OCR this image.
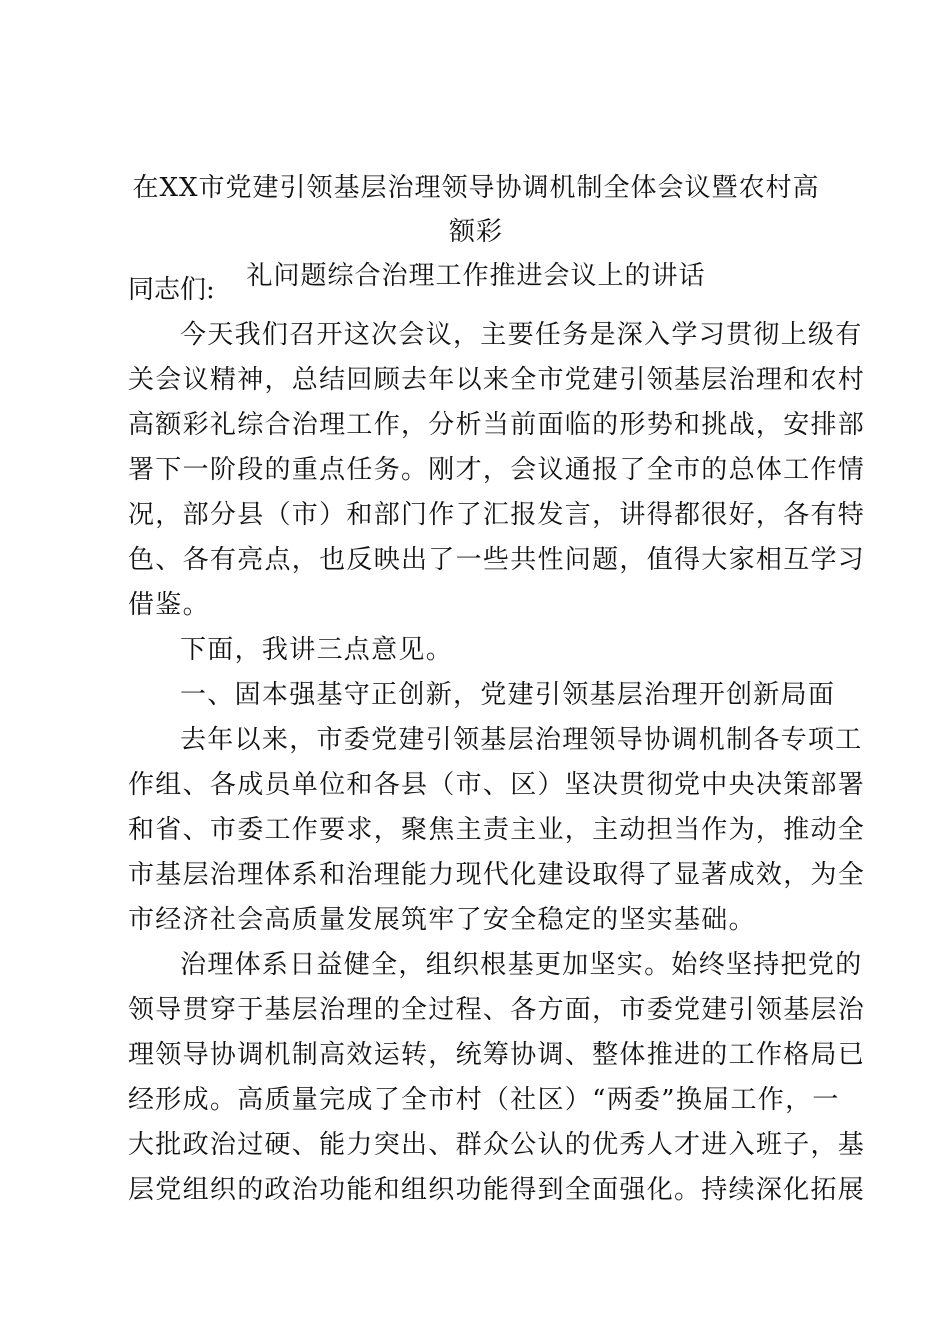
在XX市党建引领基层治理领导协调机制全体会议暨农村高额彩
礼问题综合治理工作推进会议上的讲话
同志们:
今天我们召开这次会议，主要任务是深入学习贯彻上级有
关会议精神，总结回顾去年以来全市党建引领基层治理和农村
高额彩礼综合治理工作，分析当前面临的形势和挑战，安排部
署下一阶段的重点任务。刚才，会议通报了全市的总体工作情
况，部分县（市）和部门作了汇报发言，讲得都很好，各有特
色、各有亮点，也反映出了一些共性问题，值得大家相互学习
借鉴。
下面，我讲三点意见。
一、固本强基守正创新，党建引领基层治理开创新局面
去年以来，市委党建引领基层治理领导协调机制各专项工
作组、各成员单位和各县（市、区）坚决贯彻党中央决策部署
和省、市委工作要求，聚焦主责主业，主动担当作为，推动全
市基层治理体系和治理能力现代化建设取得了显著成效，为全
市经济社会高质量发展筑牢了安全稳定的坚实基础。
治理体系日益健全，组织根基更加坚实。始终坚持把党的
领导贯穿于基层治理的全过程、各方面，市委党建引领基层治
理领导协调机制高效运转，统筹协调、整体推进的工作格局已
经形成。高质量完成了全市村（社区）“两委”换届工作，一
大批政治过硬、能力突出、群众公认的优秀人才进入班子，基
层党组织的政治功能和组织功能得到全面强化。持续深化拓展
